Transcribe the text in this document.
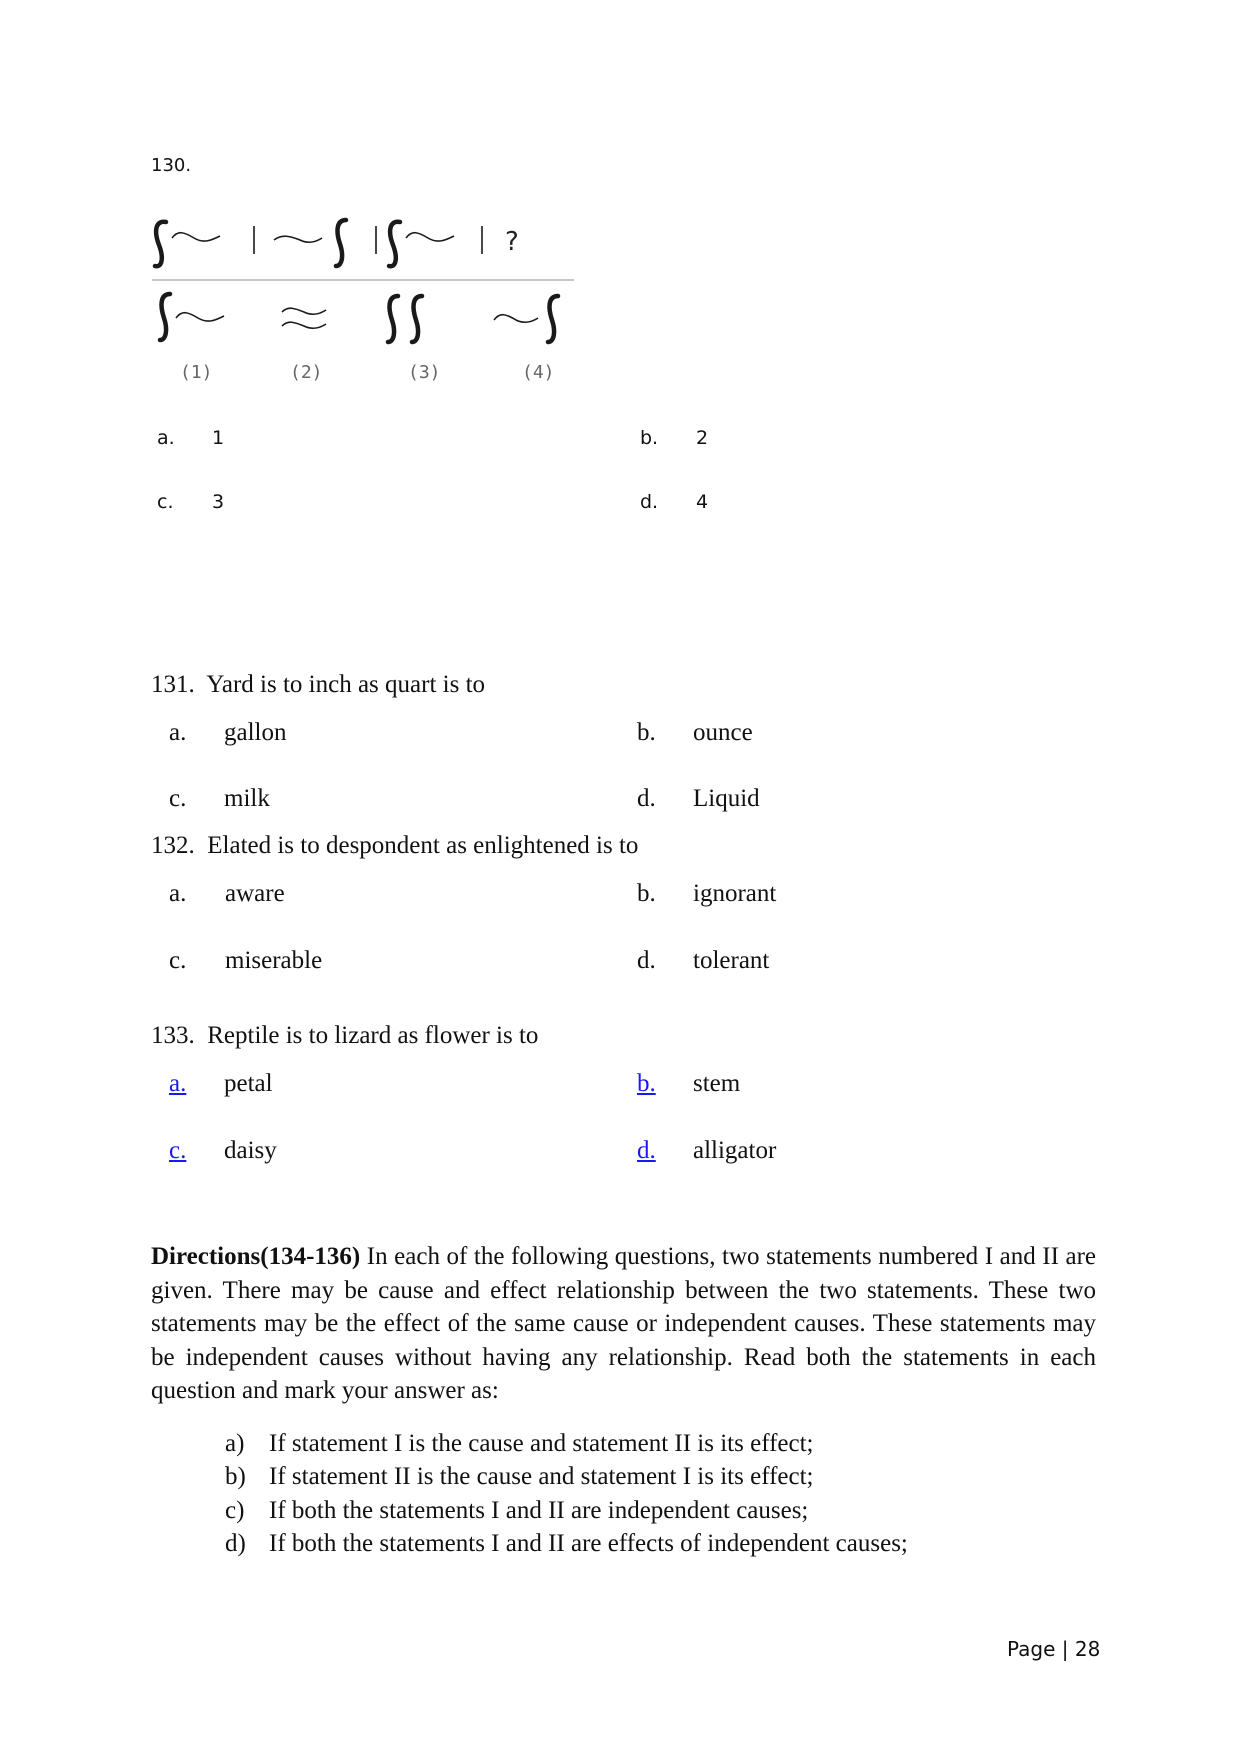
130.
?
(1)	(2)	(3)	(4)
a. 1	b. 2
c. 3	d. 4
131.  Yard is to inch as quart is to
a. gallon	b. ounce
c. milk	d. Liquid
132.  Elated is to despondent as enlightened is to
a. aware	b. ignorant
c. miserable	d. tolerant
133.  Reptile is to lizard as flower is to
a. petal	b. stem
c. daisy	d. alligator
Directions(134-136) In each of the following questions, two statements numbered I and II are given. There may be cause and effect relationship between the two statements. These two statements may be the effect of the same cause or independent causes. These statements may be independent causes without having any relationship. Read both the statements in each question and mark your answer as:
a) If statement I is the cause and statement II is its effect;
b) If statement II is the cause and statement I is its effect;
c) If both the statements I and II are independent causes;
d) If both the statements I and II are effects of independent causes;
Page | 28
